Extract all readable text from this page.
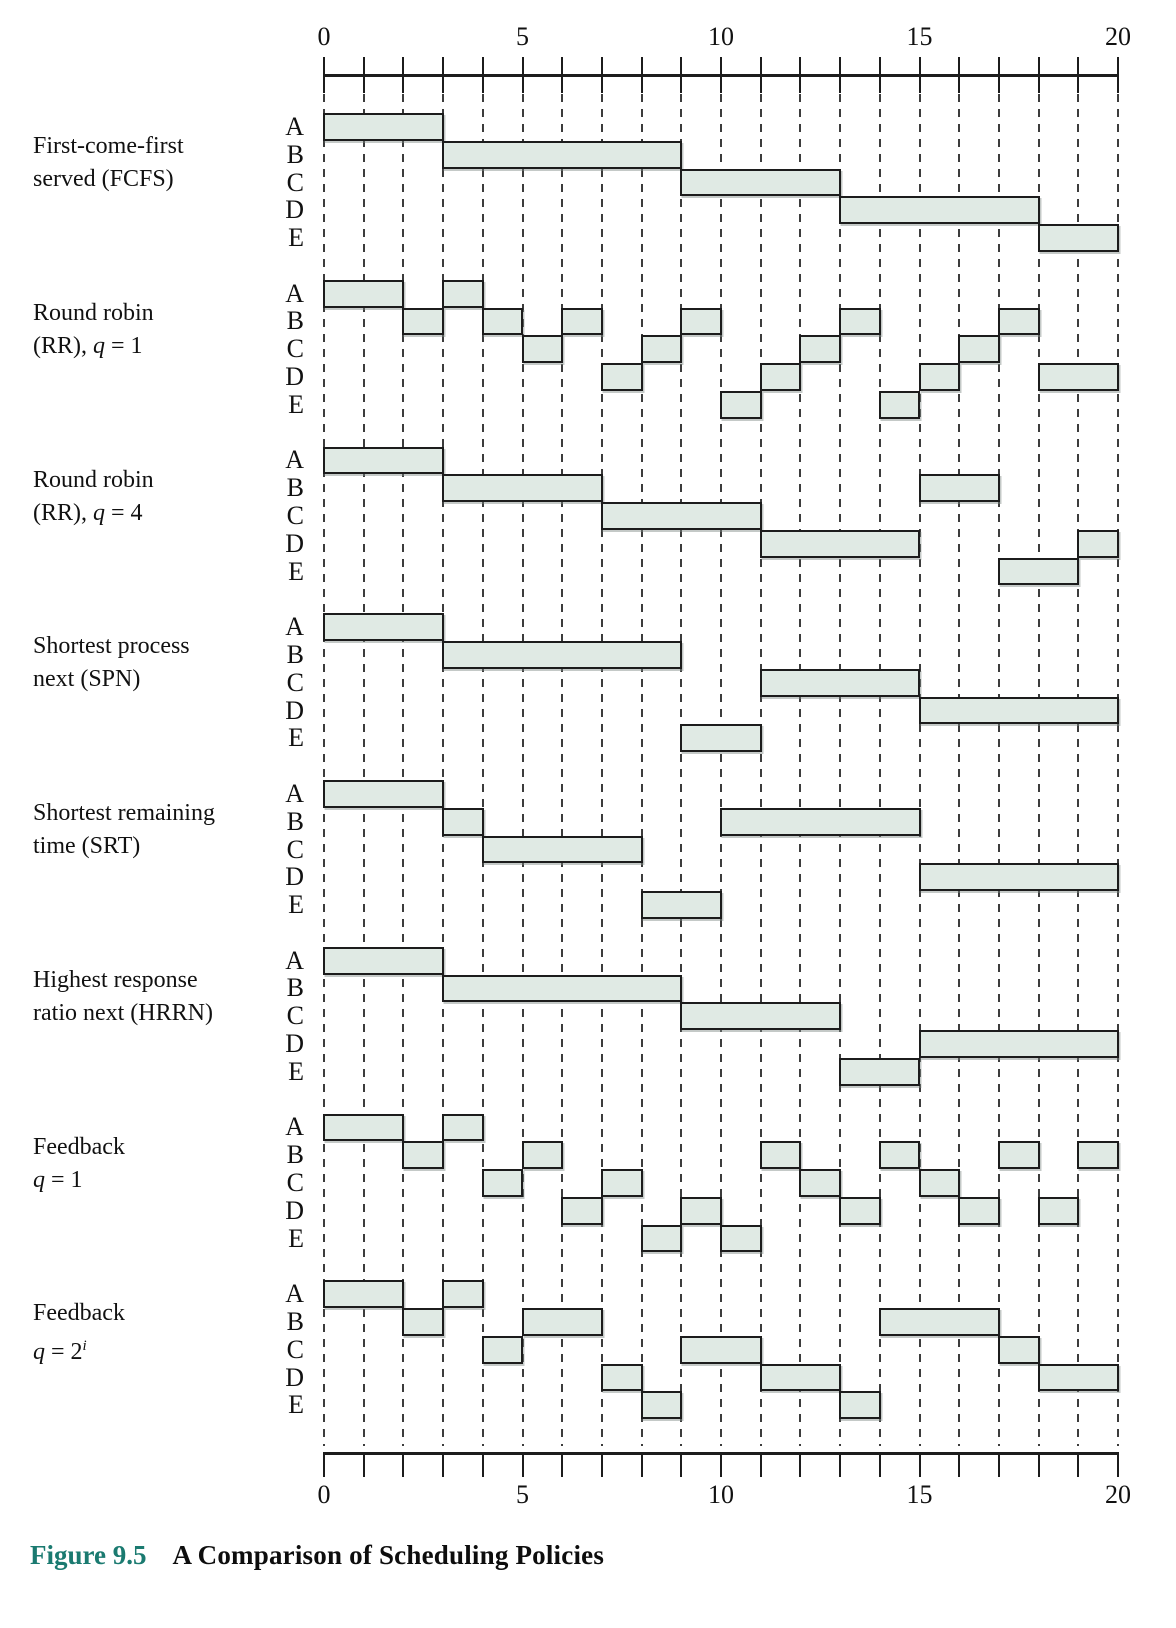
0
0
5
5
10
10
15
15
20
20
First-come-first
served (FCFS)
A
B
C
D
E
Round robin
(RR), q = 1
A
B
C
D
E
Round robin
(RR), q = 4
A
B
C
D
E
Shortest process
next (SPN)
A
B
C
D
E
Shortest remaining
time (SRT)
A
B
C
D
E
Highest response
ratio next (HRRN)
A
B
C
D
E
Feedback
q = 1
A
B
C
D
E
Feedback
$q = 2^i$
A
B
C
D
E
Figure 9.5 A Comparison of Scheduling Policies
